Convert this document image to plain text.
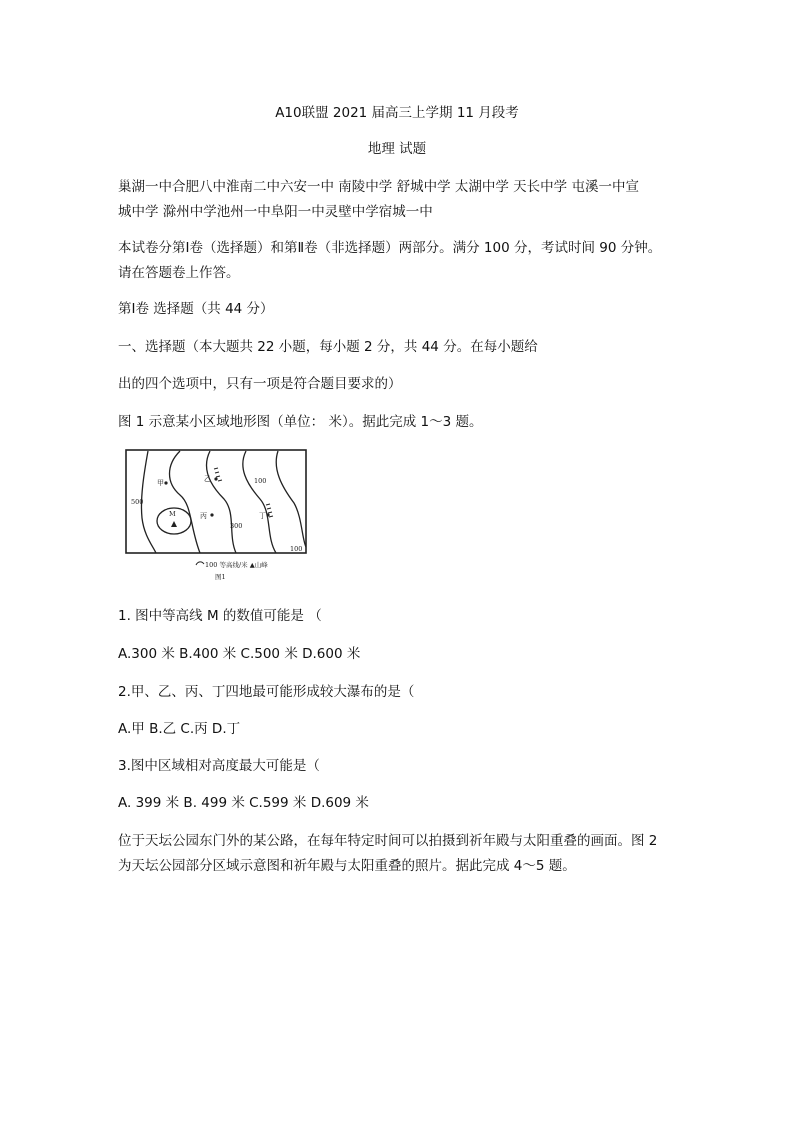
A10联盟 2021 届高三上学期 11 月段考
地理 试题
巢湖一中合肥八中淮南二中六安一中 南陵中学 舒城中学 太湖中学 天长中学 屯溪一中宣
城中学 滁州中学池州一中阜阳一中灵壁中学宿城一中
本试卷分第Ⅰ卷（选择题）和第Ⅱ卷（非选择题）两部分。满分 100 分，考试时间 90 分钟。
请在答题卷上作答。
第Ⅰ卷 选择题（共 44 分）
一、选择题（本大题共 22 小题，每小题 2 分，共 44 分。在每小题给
出的四个选项中，只有一项是符合题目要求的）
图 1 示意某小区域地形图（单位： 米）。据此完成 1～3 题。
甲	乙
丙	丁
M
500
300
100
100
100 等高线/米 ▲山峰
图1
1. 图中等高线 M 的数值可能是 （
A.300 米 B.400 米 C.500 米 D.600 米
2.甲、乙、丙、丁四地最可能形成较大瀑布的是（
A.甲 B.乙 C.丙 D.丁
3.图中区域相对高度最大可能是（
A. 399 米 B. 499 米 C.599 米 D.609 米
位于天坛公园东门外的某公路，在每年特定时间可以拍摄到祈年殿与太阳重叠的画面。图 2
为天坛公园部分区域示意图和祈年殿与太阳重叠的照片。据此完成 4～5 题。
